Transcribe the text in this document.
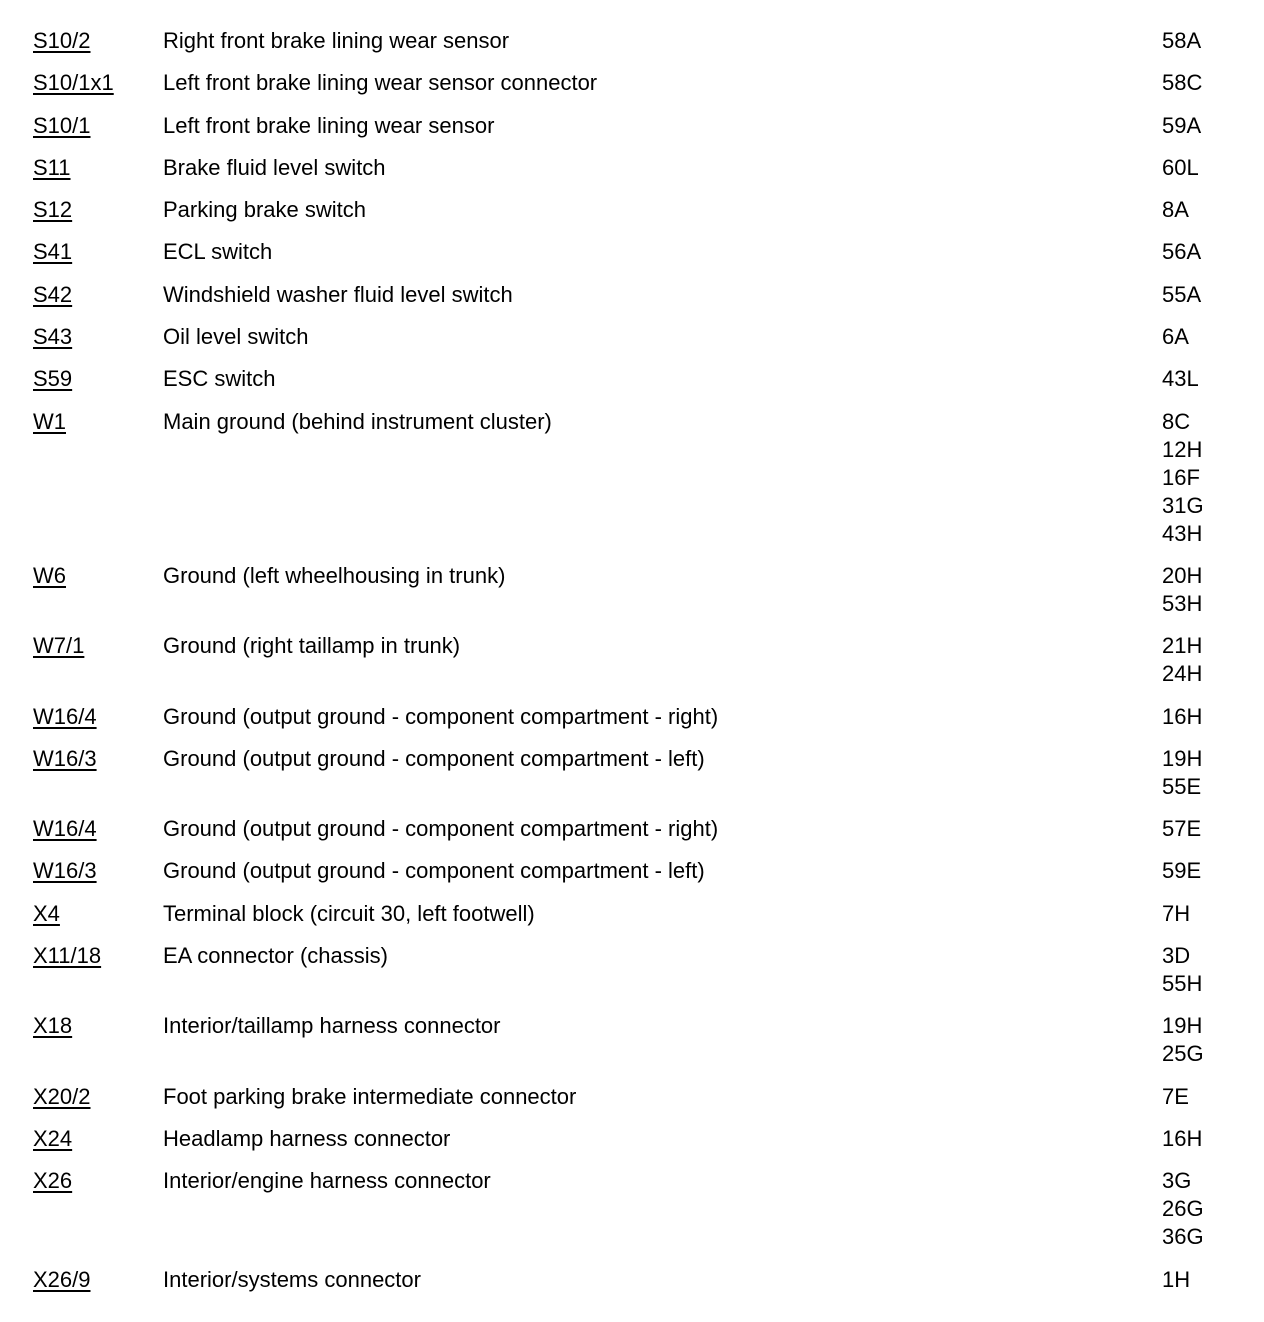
S10/2	Right front brake lining wear sensor	58A
S10/1x1 Left front brake lining wear sensor connector	58C
S10/1	Left front brake lining wear sensor	59A
S11	Brake fluid level switch	60L
S12	Parking brake switch	8A
S41	ECL switch	56A
S42	Windshield washer fluid level switch	55A
S43	Oil level switch	6A
S59	ESC switch	43L
W1	Main ground (behind instrument cluster)	8C
12H
16F
31G
43H
W6	Ground (left wheelhousing in trunk)	20H
53H
W7/1	Ground (right taillamp in trunk)	21H
24H
W16/4	Ground (output ground - component compartment - right)	16H
W16/3	Ground (output ground - component compartment - left)	19H
55E
W16/4	Ground (output ground - component compartment - right)	57E
W16/3	Ground (output ground - component compartment - left)	59E
X4	Terminal block (circuit 30, left footwell)	7H
X11/18	EA connector (chassis)	3D
55H
X18	Interior/taillamp harness connector	19H
25G
X20/2	Foot parking brake intermediate connector	7E
X24	Headlamp harness connector	16H
X26	Interior/engine harness connector	3G
26G
36G
X26/9	Interior/systems connector	1H
